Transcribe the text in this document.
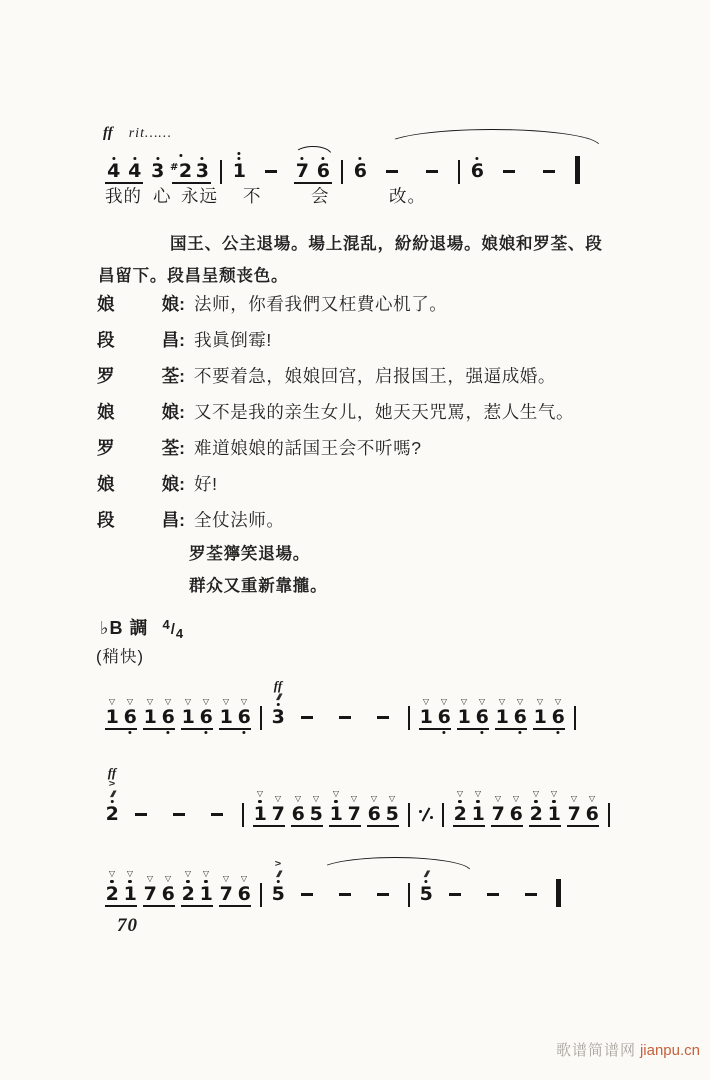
ff rit……
4 4 3 #2 3 1	7 6 6	6
我的 心 永远 不	会	改。

国王、公主退場。場上混乱，紛紛退場。娘娘和罗荃、段

昌留下。段昌呈颓丧色。

娘	娘: 法师，你看我們又枉費心机了。
段	昌: 我眞倒霉!
罗	荃: 不要着急，娘娘回宫，启报国王，强逼成婚。
娘	娘: 又不是我的亲生女儿，她天天咒罵，惹人生气。
罗	荃: 难道娘娘的話国王会不听嗎?
娘	娘: 好!
段	昌: 全仗法师。

罗荃獰笑退場。

群众又重新靠攏。

♭B 調 $^4/_4$

(稍快)

▽
1
▽
6
▽
1
▽
6
▽
1
▽
6
▽
1
▽
6
ff
///
3
▽
1
▽
6
▽
1
▽
6
▽
1
▽
6
▽
1
▽
6
ff
>
///
2
▽
1
▽
7
▽
6
▽
5
▽
1
▽
7
▽
6
▽
5
▽
2
▽
1
▽
7
▽
6
▽
2
▽
1
▽
7
▽
6
▽
2
▽
1
▽
7
▽
6
▽
2
▽
1
▽
7
▽
6
>
///
5
///
5

70

歌谱简谱网 jianpu.cn
